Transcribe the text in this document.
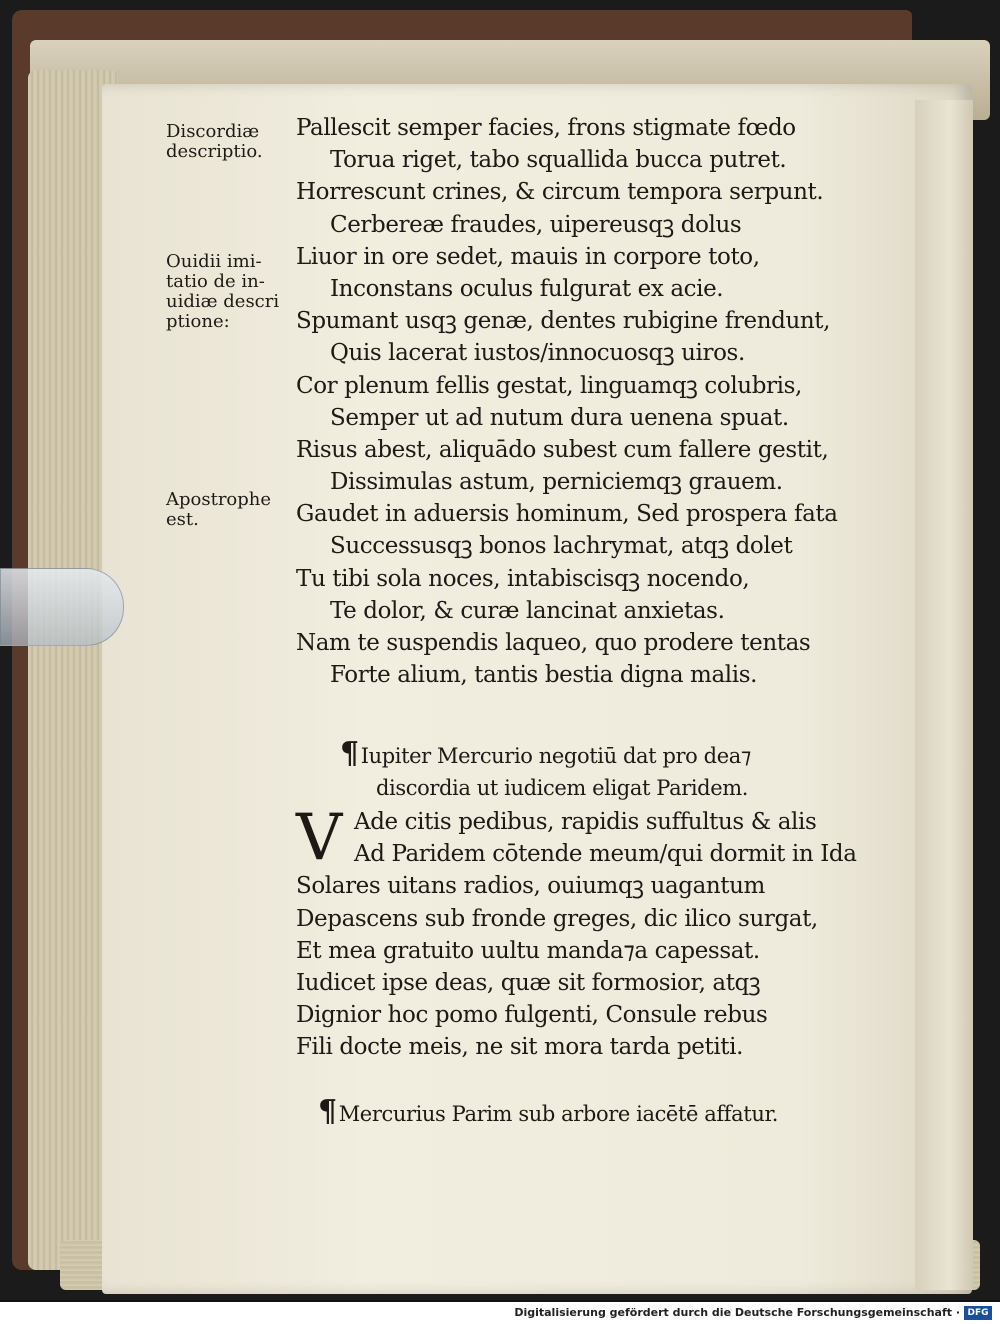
Discordiæ
descriptio.
Ouidii imi-
tatio de in-
uidiæ descri
ptione:
Apostrophe
est.
Pallescit semper facies, frons stigmate fœdo
Torua riget, tabo squallida bucca putret.
Horrescunt crines, & circum tempora serpunt.
Cerbereæ fraudes, uipereusqꝫ dolus
Liuor in ore sedet, mauis in corpore toto,
Inconstans oculus fulgurat ex acie.
Spumant usqꝫ genæ, dentes rubigine frendunt,
Quis lacerat iustos/innocuosqꝫ uiros.
Cor plenum fellis gestat, linguamqꝫ colubris,
Semper ut ad nutum dura uenena spuat.
Risus abest, aliquādo subest cum fallere gestit,
Dissimulas astum, perniciemqꝫ grauem.
Gaudet in aduersis hominum, Sed prospera fata
Successusqꝫ bonos lachrymat, atqꝫ dolet
Tu tibi sola noces, intabiscisqꝫ nocendo,
Te dolor, & curæ lancinat anxietas.
Nam te suspendis laqueo, quo prodere tentas
Forte alium, tantis bestia digna malis.
¶Iupiter Mercurio negotiū dat pro dea⁊
discordia ut iudicem eligat Paridem.
V Ade citis pedibus, rapidis suffultus & alis
Ad Paridem cōtende meum/qui dormit in Ida
Solares uitans radios, ouiumqꝫ uagantum
Depascens sub fronde greges, dic ilico surgat,
Et mea gratuito uultu manda⁊a capessat.
Iudicet ipse deas, quæ sit formosior, atqꝫ
Dignior hoc pomo fulgenti, Consule rebus
Fili docte meis, ne sit mora tarda petiti.
¶Mercurius Parim sub arbore iacētē affatur.
Digitalisierung gefördert durch die Deutsche Forschungsgemeinschaft · DFG
